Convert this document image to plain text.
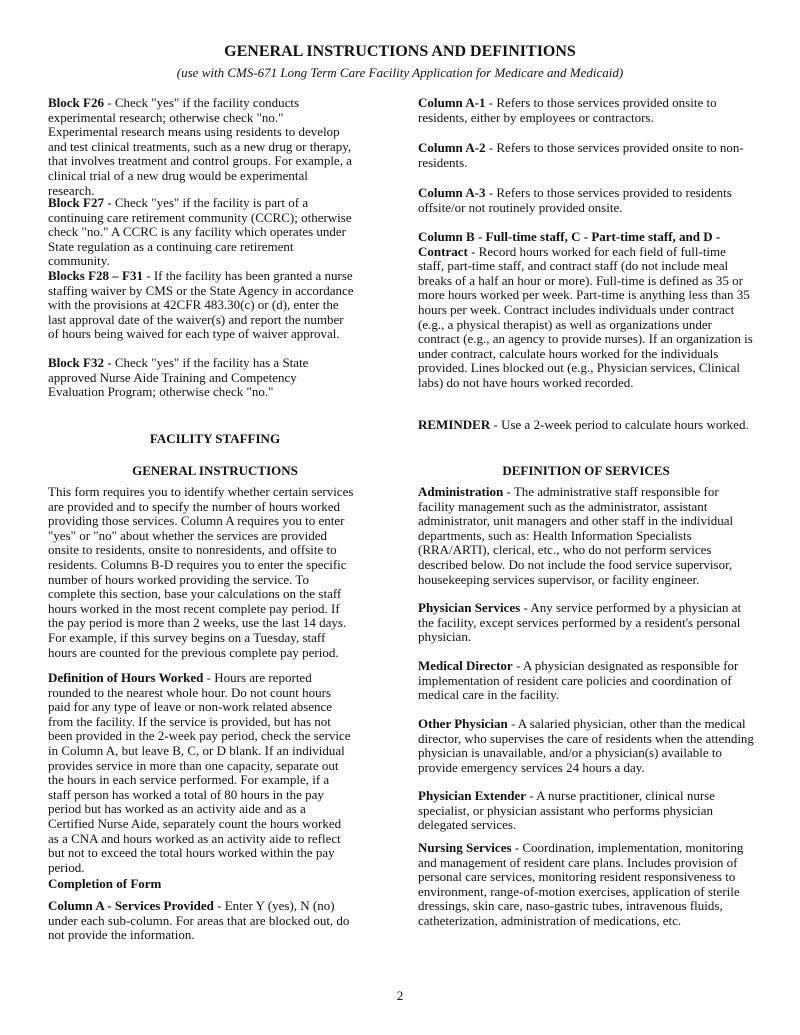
GENERAL INSTRUCTIONS AND DEFINITIONS
(use with CMS-671 Long Term Care Facility Application for Medicare and Medicaid)
Block F26 - Check "yes" if the facility conducts experimental research; otherwise check "no." Experimental research means using residents to develop and test clinical treatments, such as a new drug or therapy, that involves treatment and control groups. For example, a clinical trial of a new drug would be experimental research.
Block F27 - Check "yes" if the facility is part of a continuing care retirement community (CCRC); otherwise check "no." A CCRC is any facility which operates under State regulation as a continuing care retirement community.
Blocks F28 – F31 - If the facility has been granted a nurse staffing waiver by CMS or the State Agency in accordance with the provisions at 42CFR 483.30(c) or (d), enter the last approval date of the waiver(s) and report the number of hours being waived for each type of waiver approval.
Block F32 - Check "yes" if the facility has a State approved Nurse Aide Training and Competency Evaluation Program; otherwise check "no."
FACILITY STAFFING
GENERAL INSTRUCTIONS
This form requires you to identify whether certain services are provided and to specify the number of hours worked providing those services. Column A requires you to enter "yes" or "no" about whether the services are provided onsite to residents, onsite to nonresidents, and offsite to residents. Columns B-D requires you to enter the specific number of hours worked providing the service. To complete this section, base your calculations on the staff hours worked in the most recent complete pay period. If the pay period is more than 2 weeks, use the last 14 days. For example, if this survey begins on a Tuesday, staff hours are counted for the previous complete pay period.
Definition of Hours Worked - Hours are reported rounded to the nearest whole hour. Do not count hours paid for any type of leave or non-work related absence from the facility. If the service is provided, but has not been provided in the 2-week pay period, check the service in Column A, but leave B, C, or D blank. If an individual provides service in more than one capacity, separate out the hours in each service performed. For example, if a staff person has worked a total of 80 hours in the pay period but has worked as an activity aide and as a Certified Nurse Aide, separately count the hours worked as a CNA and hours worked as an activity aide to reflect but not to exceed the total hours worked within the pay period.
Completion of Form
Column A - Services Provided - Enter Y (yes), N (no) under each sub-column. For areas that are blocked out, do not provide the information.
Column A-1 - Refers to those services provided onsite to residents, either by employees or contractors.
Column A-2 - Refers to those services provided onsite to non-residents.
Column A-3 - Refers to those services provided to residents offsite/or not routinely provided onsite.
Column B - Full-time staff, C - Part-time staff, and D - Contract - Record hours worked for each field of full-time staff, part-time staff, and contract staff (do not include meal breaks of a half an hour or more). Full-time is defined as 35 or more hours worked per week. Part-time is anything less than 35 hours per week. Contract includes individuals under contract (e.g., a physical therapist) as well as organizations under contract (e.g., an agency to provide nurses). If an organization is under contract, calculate hours worked for the individuals provided. Lines blocked out (e.g., Physician services, Clinical labs) do not have hours worked recorded.
REMINDER - Use a 2-week period to calculate hours worked.
DEFINITION OF SERVICES
Administration - The administrative staff responsible for facility management such as the administrator, assistant administrator, unit managers and other staff in the individual departments, such as: Health Information Specialists (RRA/ARTI), clerical, etc., who do not perform services described below. Do not include the food service supervisor, housekeeping services supervisor, or facility engineer.
Physician Services - Any service performed by a physician at the facility, except services performed by a resident's personal physician.
Medical Director - A physician designated as responsible for implementation of resident care policies and coordination of medical care in the facility.
Other Physician - A salaried physician, other than the medical director, who supervises the care of residents when the attending physician is unavailable, and/or a physician(s) available to provide emergency services 24 hours a day.
Physician Extender - A nurse practitioner, clinical nurse specialist, or physician assistant who performs physician delegated services.
Nursing Services - Coordination, implementation, monitoring and management of resident care plans. Includes provision of personal care services, monitoring resident responsiveness to environment, range-of-motion exercises, application of sterile dressings, skin care, naso-gastric tubes, intravenous fluids, catheterization, administration of medications, etc.
2
